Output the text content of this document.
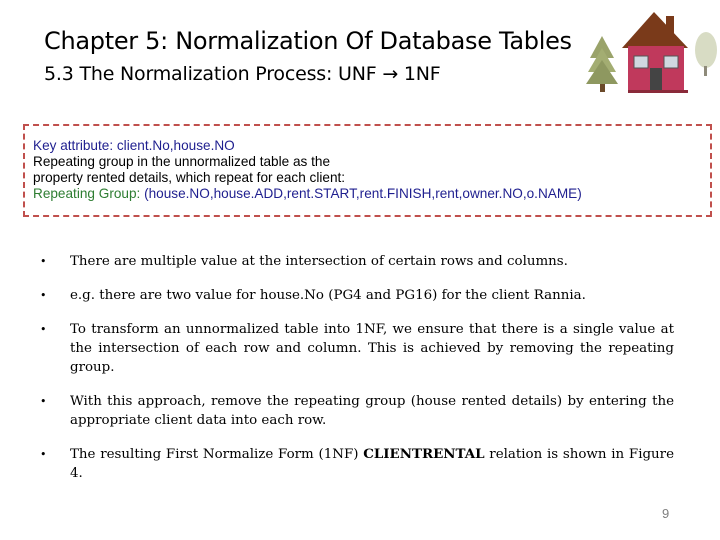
Chapter 5: Normalization Of Database Tables
5.3 The Normalization Process: UNF → 1NF
Key attribute: client.No,house.NO
Repeating group in the unnormalized table as the
property rented details, which repeat for each client:
Repeating Group: (house.NO,house.ADD,rent.START,rent.FINISH,rent,owner.NO,o.NAME)
•	There are multiple value at the intersection of certain rows and columns.
•	e.g. there are two value for house.No (PG4 and PG16) for the client Rannia.
•	To transform an unnormalized table into 1NF, we ensure that there is a single value at the intersection of each row and column. This is achieved by removing the repeating group.
•	With this approach, remove the repeating group (house rented details) by entering the appropriate client data into each row.
•	The resulting First Normalize Form (1NF) CLIENTRENTAL relation is shown in Figure 4.
9
